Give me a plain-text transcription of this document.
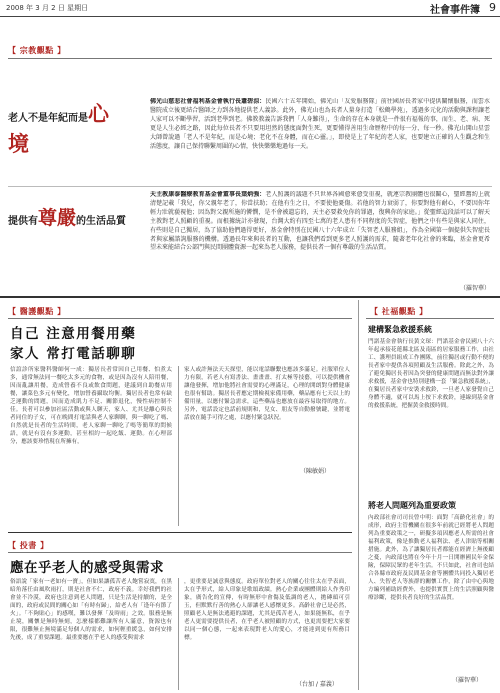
2008 年 3 月 2 日 星期日	社會事件簿 9
【 宗教觀點 】
老人不是年紀而是心境
佛光山慈悲社會福利基金會執行長蕭碧涼：民國六十五年開始，佛光山「友愛服務隊」前往國居長者家中提供關懷服務，而雲水醫院成立後更結合醫師之力到各地提供老人義診。此外，佛光山也為長者人量身打造「松鶴學苑」，透過多元化的活動與課程讓老人家可以不斷學習，活到老學到老。佛教教義告訴我們「人身難得」，生命的存在本身就是一件很有福報的事，而生、老、病、死更是人生必經之路，因此每位長者不只要用坦然的態度面對生死，更要懂得善用生命歷程中的每一分、每一秒。佛光山開山星雲大師曾說過「老人不是年紀，而是心境；老化不在身體，而在心靈。」，即使是上了年紀的老人家，也要建立正確的人生觀念和生活態度，讓自己保持聯繫周圍的心情，快快樂樂地過每一天。
提供有尊嚴的生活品質
天主教康泰醫療教育基金會董事長葉炳強：老人照護的議題不只世界各國愈來愈受重視，就連宗教團體也很關心，聖經舊約上就清楚記載「我兒，你父親年老了，你當扶助；在他有生之日，不要使他憂傷。若他的智力衰弱了，你要對他有耐心，不要因你年輕力壯就藐視他；因為對父親所施的憐憫，是不會被遺忘的，天主必要救免你的罪過，復興你的家庭。」從聖經這段話可以了解天主教對老人照顧的重視。而根據統計亦發現，台灣大約有四至七萬的老人患有不同程度的失智症，他們之中有些是與家人同住，有些則是自己獨居，為了協助他們過得更好，基金會特別在民國八十六年成立「失智老人服務組」，作為全國第一個提供失智症長者與家屬諮詢服務的機構。透過長年來與長者的互動，也讓我們看到更多老人照護的需求，隨著老年化社會的來臨，基金會更希望未來能結合公部門與民間團體資源一起來為老人服務，提供長者一個有尊嚴的生活品質。
（羅智華）
【 醫護觀點 】
自己 注意用餐用藥
家人 常打電話聊聊
信誼診所家醫科醫師何一成：獨居長者常因自己用餐、怕煮太多，通常無法同一餐吃太多元的食物，或是因為沒有人陪用餐，因而亂讓用餐，造成營養不良或飲食問題，建議到自助餐店用餐，讓菜色多元有變化，增加營養攝取均衡。獨居長者也常有缺乏運動的問題，因而造成肌力不足、關節退化，慢性病控制不佳。長者可以參加社區活動或與人聊天，家人、尤其是離心與長者同住的子女，可在晚間打電話與老人家聊聊，與一聊吃了嗎、自然就是長者的生活時間，老人家聊一聊吃了嗎等簡單的問候語，就是有沒有多運動，甚至相約一起吃飯、運動。在心理部分，應該要珍惜現在所擁有，
家人或許無法天天探望，能以電話聯繫也應該多滿足。社服單位人力有限，若老人有寫書法、畫畫畫、打太極等技藝，可以提供機會讓他發揮，增加他將社會需要的心理滿足，心理的開朗對身體健康也很有幫助。獨居長者應定期檢視家備用藥，藥品應有七天以上的備用量，以應付緊急需求，這些藥品也應放在最容易取得的地方。另外，電話設定也話前規則和，兒女、朋友等自動撥號鍵，並將電話放在隨手可得之處，以應付緊急狀況。
（陳敏娟）
【 社福觀點 】
建構緊急救援系統
門諾基金會執行長黃文琛：門諾基金會民國八十六年起承接花蓮縣北區及南區的居家服務工作，由社工、護理員組成工作團隊，前往獨居或行動不便的長者家中提供各項照顧及生活服務。除此之外，為了避免獨居長者因為突發的健康問題而無法對外讓求救援，基金會也特別建構一套「緊急救援系統」，在獨居長者家中安裝求救鈴，一旦老人家發覺自己身體不適，就可以馬上按下求救鈴，連線到基金會的救援系統，把握黃金救援時間。
將老人問題列為重要政策
內政部社會司司長曾中明：面對「高齡化社會」的成形，政府主管機關在很多年前就已經將老人問題列為重要政策之一，研擬多項因應老人所需的社會福利政策，像是推動老人福利法、老人津貼等相關措施。此外，為了讓獨居長者都能在經濟上無後顧之憂，內政部也將在今年十月一日開辦國民年金保險，保障民眾的老年生活。不只如此，社會司也結合各縣市政府及民間基金會等團體共同投入獨居老人、失智老人等族群的關懷工作，除了由中心與地方編列補助經費外，也提供實質上的生活照顧與醫療診斷，提供長者良好的生活品質。
（羅智華）
【 投書 】
應在乎老人的感受與需求
俗語說「家有一老如有一寶」，但如果讓孤苦老人飽嘗寂寞，在黑暗角落任由風吹雨打，則是社會不仁，政府不義。幸好我們的社會並不冷漠，政府也注意到老人問題，只是生活是持續的，是全面的，政府或民間的關心如「有時有歸」，給老人有「逢年有節了火」。「不夠貼心」的感嘆，難以發揮「及時雨」之效。服務是無止境，關懷是無時無刻，怎麼樣都難讓所有人滿意，資源也有限，很難無止無境滿足每個人的需求，如何輕重緩急，如何安排先後，成了重要課題。最重要應在乎老人的感受與需求
，更重要是誠意與態度。政府單位對老人的關心往往太在乎表面，太在乎形式，給人印象是歌頌政績。熱心企業或團體則給人作秀印象，廣告化的宣傳，有時無形中會傷及低調的老人，拋磚頭可引玉，但默默行善的熱心人卻讓老人感懷更多。高齡社會已是必然，照顧老人是無法逃避的課題，尤其是孤苦老人，如果能無私，在乎老人更需要提供長者，在乎老人被照顧的方式，也更需要把大家要以同一個心態，一起來表現對老人的愛心，才能達到更有所務目標。
（台加 / 嘉義）
